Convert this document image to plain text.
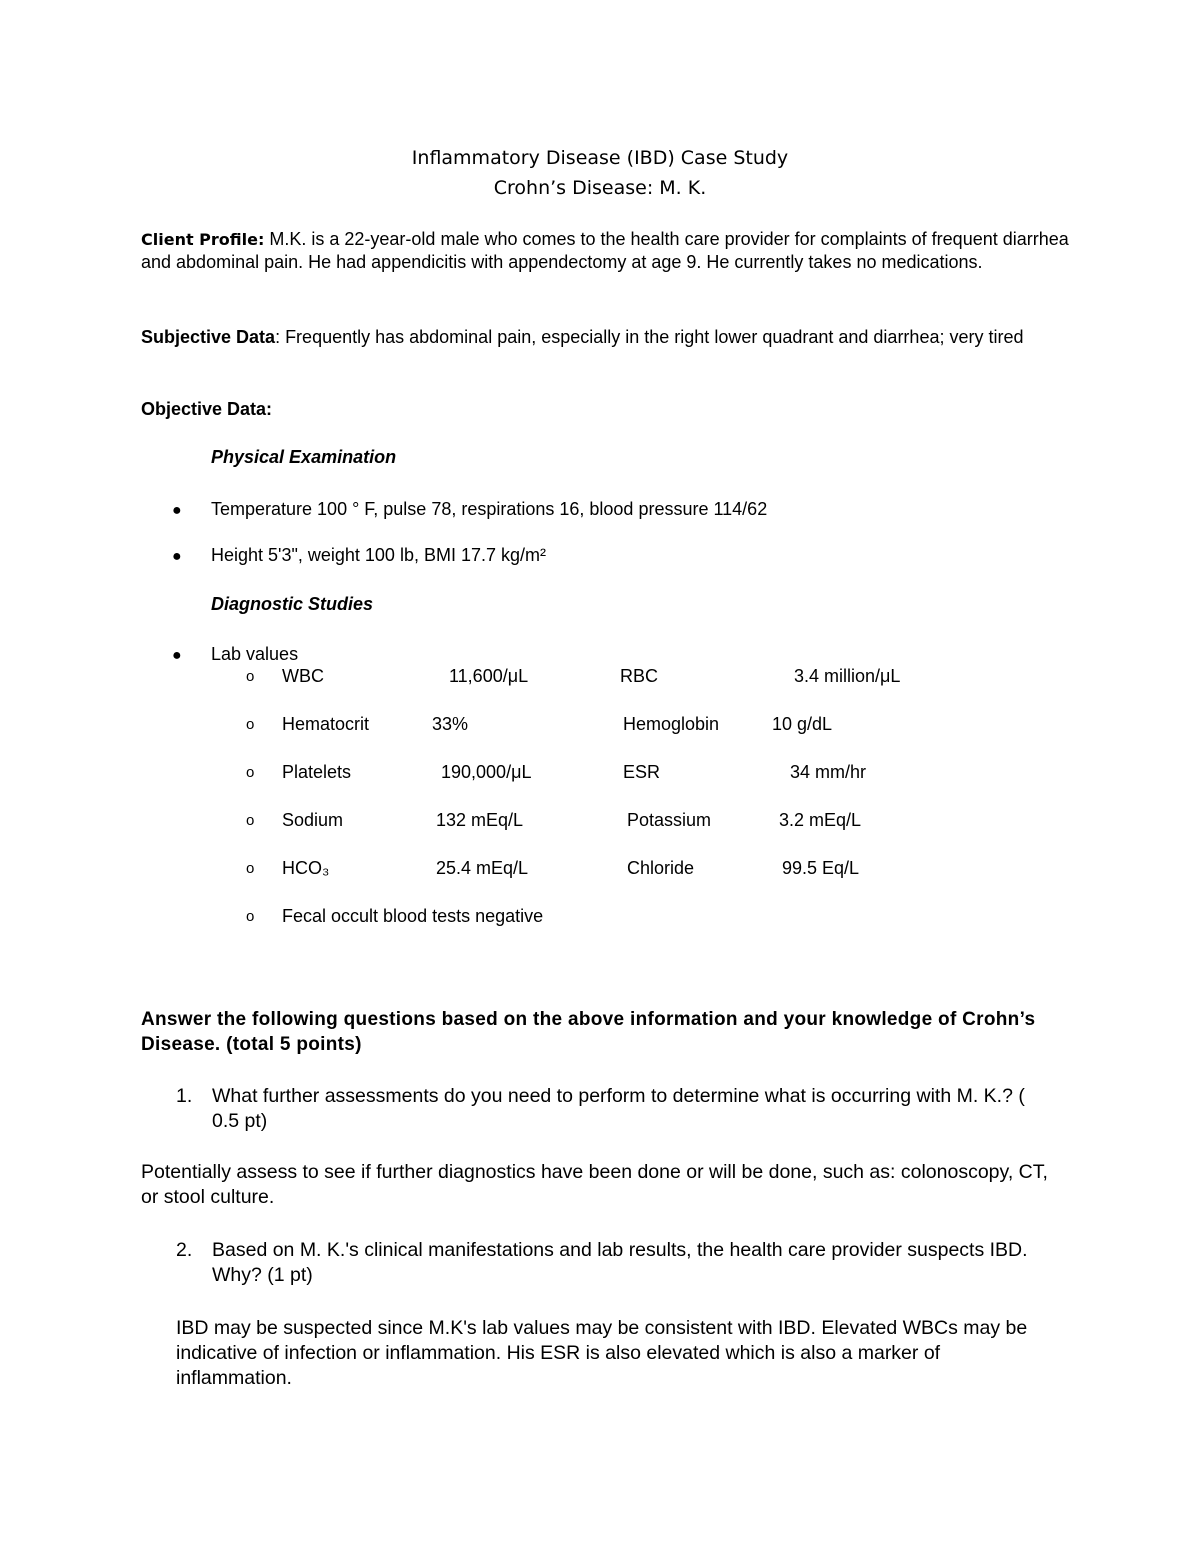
Inflammatory Disease (IBD) Case Study
Crohn’s Disease: M. K.
Client Profile: M.K. is a 22-year-old male who comes to the health care provider for complaints of frequent diarrhea and abdominal pain. He had appendicitis with appendectomy at age 9. He currently takes no medications.
Subjective Data: Frequently has abdominal pain, especially in the right lower quadrant and diarrhea; very tired
Objective Data:
Physical Examination
● Temperature 100 ° F, pulse 78, respirations 16, blood pressure 114/62
● Height 5'3", weight 100 lb, BMI 17.7 kg/m²
Diagnostic Studies
● Lab values
o WBC	11,600/μL	RBC	3.4 million/μL
o Hematocrit	33%	Hemoglobin	10 g/dL
o Platelets	190,000/μL	ESR	34 mm/hr
o Sodium	132 mEq/L	Potassium	3.2 mEq/L
o HCO₃	25.4 mEq/L	Chloride	99.5 Eq/L
o Fecal occult blood tests negative
Answer the following questions based on the above information and your knowledge of Crohn’s Disease. (total 5 points)
1. What further assessments do you need to perform to determine what is occurring with M. K.? ( 0.5 pt)
Potentially assess to see if further diagnostics have been done or will be done, such as: colonoscopy, CT, or stool culture.
2. Based on M. K.'s clinical manifestations and lab results, the health care provider suspects IBD. Why? (1 pt)
IBD may be suspected since M.K's lab values may be consistent with IBD. Elevated WBCs may be indicative of infection or inflammation. His ESR is also elevated which is also a marker of inflammation.
